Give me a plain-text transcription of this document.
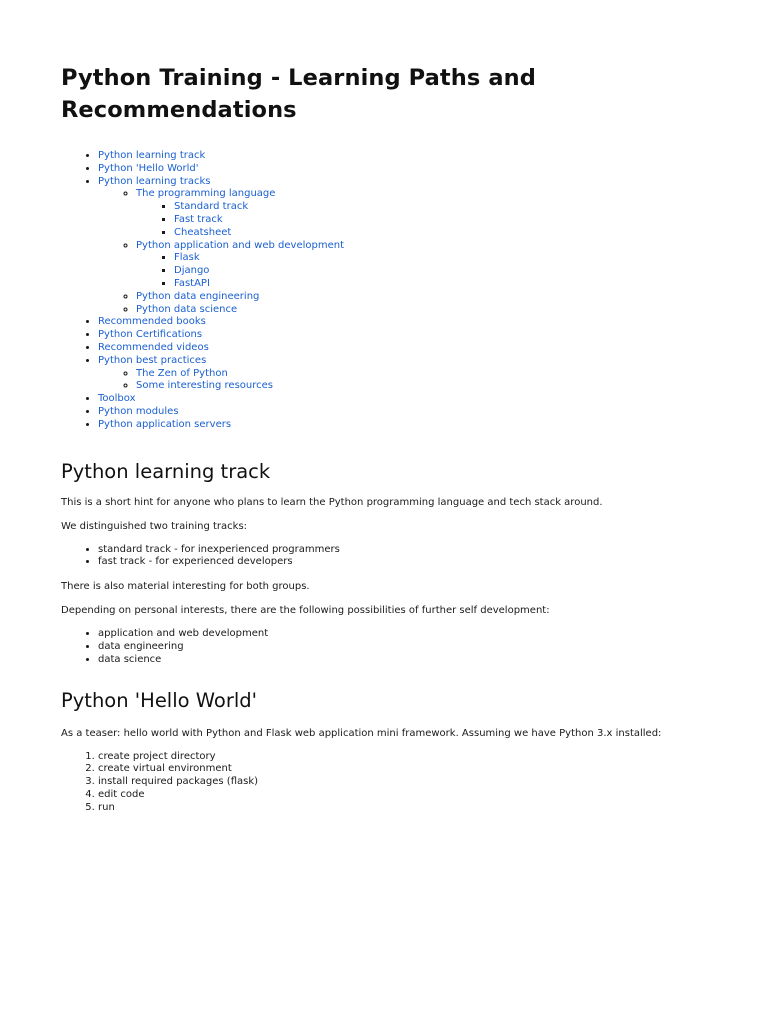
Python Training - Learning Paths and Recommendations
• Python learning track
• Python 'Hello World'
• Python learning tracks
◦ The programming language
▪ Standard track
▪ Fast track
▪ Cheatsheet
◦ Python application and web development
▪ Flask
▪ Django
▪ FastAPI
◦ Python data engineering
◦ Python data science
• Recommended books
• Python Certifications
• Recommended videos
• Python best practices
◦ The Zen of Python
◦ Some interesting resources
• Toolbox
• Python modules
• Python application servers
Python learning track

This is a short hint for anyone who plans to learn the Python programming language and tech stack around.

We distinguished two training tracks:

• standard track - for inexperienced programmers
• fast track - for experienced developers

There is also material interesting for both groups.

Depending on personal interests, there are the following possibilities of further self development:

• application and web development
• data engineering
• data science
Python 'Hello World'

As a teaser: hello world with Python and Flask web application mini framework. Assuming we have Python 3.x installed:

1. create project directory
2. create virtual environment
3. install required packages (flask)
4. edit code
5. run
